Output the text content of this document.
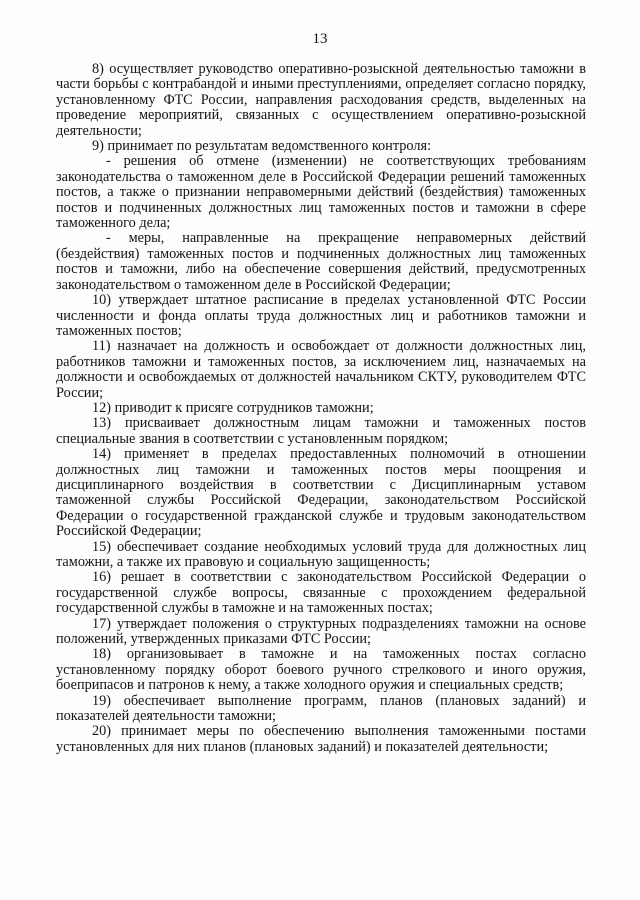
13

8) осуществляет руководство оперативно-розыскной деятельностью таможни в части борьбы с контрабандой и иными преступлениями, определяет согласно порядку, установленному ФТС России, направления расходования средств, выделенных на проведение мероприятий, связанных с осуществлением оперативно-розыскной деятельности;

9) принимает по результатам ведомственного контроля:

- решения об отмене (изменении) не соответствующих требованиям законодательства о таможенном деле в Российской Федерации решений таможенных постов, а также о признании неправомерными действий (бездействия) таможенных постов и подчиненных должностных лиц таможенных постов и таможни в сфере таможенного дела;

- меры, направленные на прекращение неправомерных действий (бездействия) таможенных постов и подчиненных должностных лиц таможенных постов и таможни, либо на обеспечение совершения действий, предусмотренных законодательством о таможенном деле в Российской Федерации;

10) утверждает штатное расписание в пределах установленной ФТС России численности и фонда оплаты труда должностных лиц и работников таможни и таможенных постов;

11) назначает на должность и освобождает от должности должностных лиц, работников таможни и таможенных постов, за исключением лиц, назначаемых на должности и освобождаемых от должностей начальником СКТУ, руководителем ФТС России;

12) приводит к присяге сотрудников таможни;

13) присваивает должностным лицам таможни и таможенных постов специальные звания в соответствии с установленным порядком;

14) применяет в пределах предоставленных полномочий в отношении должностных лиц таможни и таможенных постов меры поощрения и дисциплинарного воздействия в соответствии с Дисциплинарным уставом таможенной службы Российской Федерации, законодательством Российской Федерации о государственной гражданской службе и трудовым законодательством Российской Федерации;

15) обеспечивает создание необходимых условий труда для должностных лиц таможни, а также их правовую и социальную защищенность;

16) решает в соответствии с законодательством Российской Федерации о государственной службе вопросы, связанные с прохождением федеральной государственной службы в таможне и на таможенных постах;

17) утверждает положения о структурных подразделениях таможни на основе положений, утвержденных приказами ФТС России;

18) организовывает в таможне и на таможенных постах согласно установленному порядку оборот боевого ручного стрелкового и иного оружия, боеприпасов и патронов к нему, а также холодного оружия и специальных средств;

19) обеспечивает выполнение программ, планов (плановых заданий) и показателей деятельности таможни;

20) принимает меры по обеспечению выполнения таможенными постами установленных для них планов (плановых заданий) и показателей деятельности;
